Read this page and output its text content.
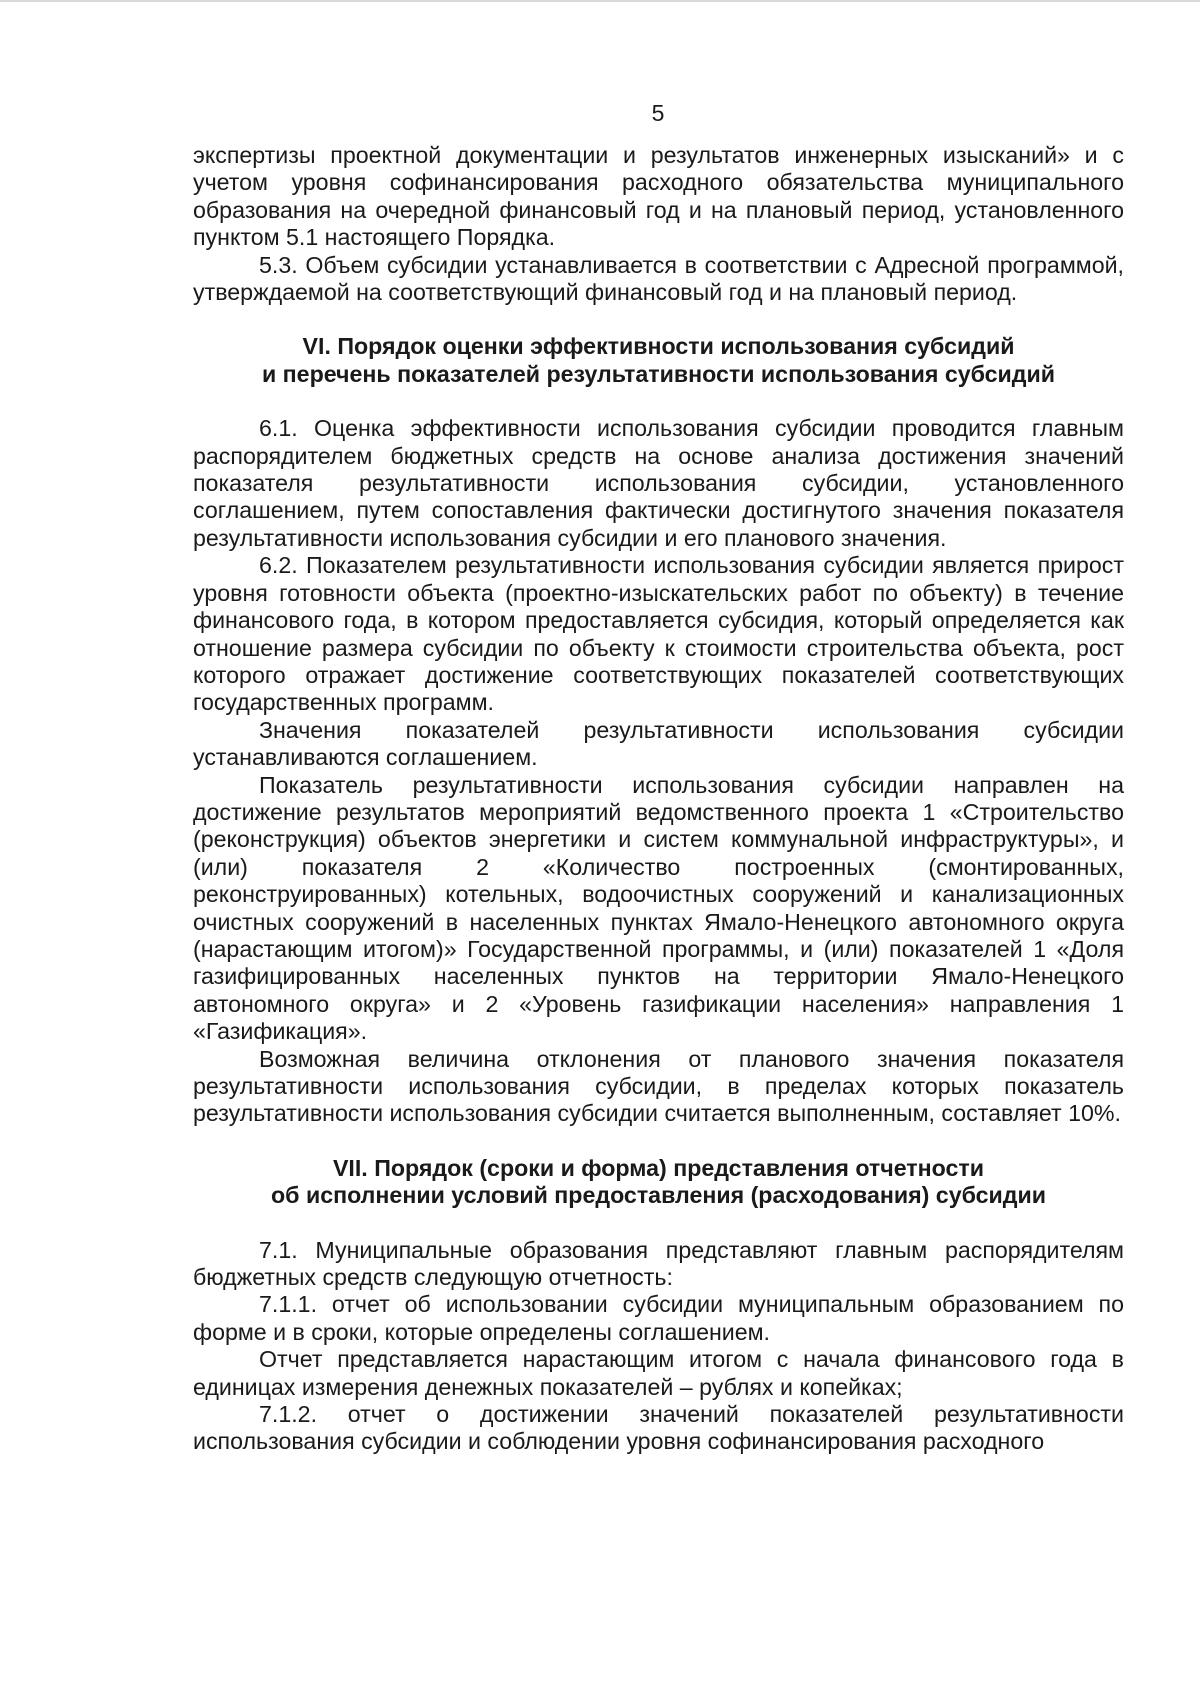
5

экспертизы проектной документации и результатов инженерных изысканий» и с учетом уровня софинансирования расходного обязательства муниципального образования на очередной финансовый год и на плановый период, установленного пунктом 5.1 настоящего Порядка.

5.3. Объем субсидии устанавливается в соответствии с Адресной программой, утверждаемой на соответствующий финансовый год и на плановый период.

VI. Порядок оценки эффективности использования субсидий
и перечень показателей результативности использования субсидий

6.1. Оценка эффективности использования субсидии проводится главным распорядителем бюджетных средств на основе анализа достижения значений показателя результативности использования субсидии, установленного соглашением, путем сопоставления фактически достигнутого значения показателя результативности использования субсидии и его планового значения.

6.2. Показателем результативности использования субсидии является прирост уровня готовности объекта (проектно-изыскательских работ по объекту) в течение финансового года, в котором предоставляется субсидия, который определяется как отношение размера субсидии по объекту к стоимости строительства объекта, рост которого отражает достижение соответствующих показателей соответствующих государственных программ.

Значения показателей результативности использования субсидии устанавливаются соглашением.

Показатель результативности использования субсидии направлен на достижение результатов мероприятий ведомственного проекта 1 «Строительство (реконструкция) объектов энергетики и систем коммунальной инфраструктуры», и (или) показателя 2 «Количество построенных (смонтированных, реконструированных) котельных, водоочистных сооружений и канализационных очистных сооружений в населенных пунктах Ямало-Ненецкого автономного округа (нарастающим итогом)» Государственной программы, и (или) показателей 1 «Доля газифицированных населенных пунктов на территории Ямало-Ненецкого автономного округа» и 2 «Уровень газификации населения» направления 1 «Газификация».

Возможная величина отклонения от планового значения показателя результативности использования субсидии, в пределах которых показатель результативности использования субсидии считается выполненным, составляет 10%.

VII. Порядок (сроки и форма) представления отчетности
об исполнении условий предоставления (расходования) субсидии

7.1. Муниципальные образования представляют главным распорядителям бюджетных средств следующую отчетность:

7.1.1. отчет об использовании субсидии муниципальным образованием по форме и в сроки, которые определены соглашением.

Отчет представляется нарастающим итогом с начала финансового года в единицах измерения денежных показателей – рублях и копейках;

7.1.2. отчет о достижении значений показателей результативности использования субсидии и соблюдении уровня софинансирования расходного
